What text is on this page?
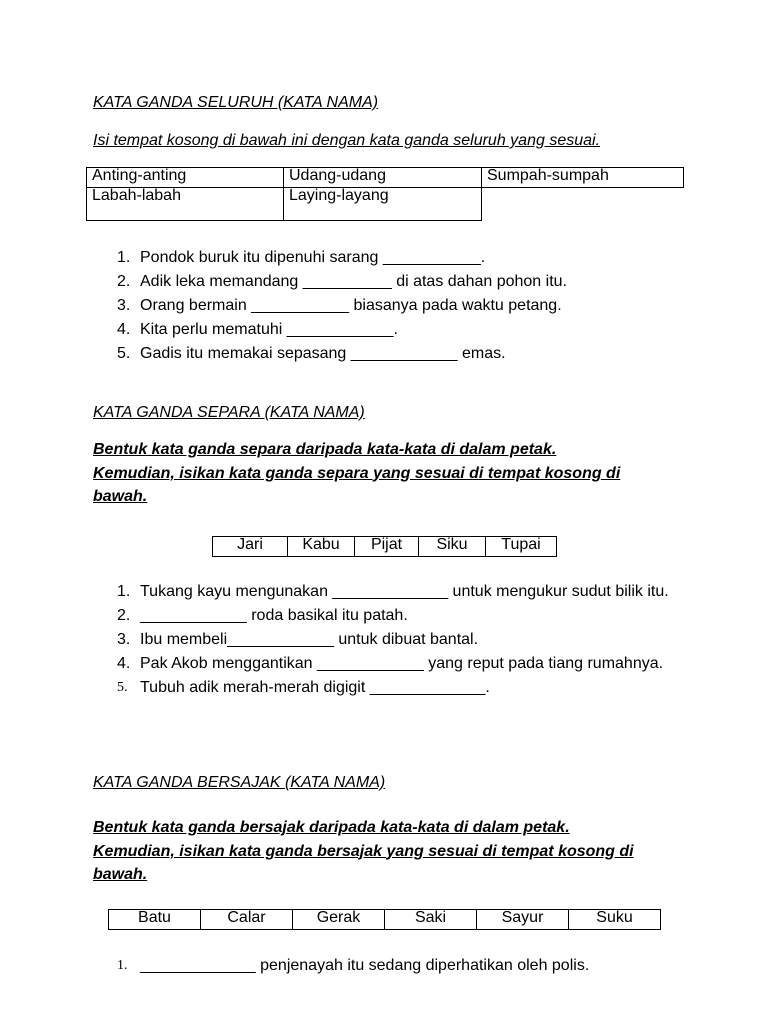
KATA GANDA SELURUH (KATA NAMA)
Isi tempat kosong di bawah ini dengan kata ganda seluruh yang sesuai.
Anting-anting	Udang-udang	Sumpah-sumpah
Labah-labah	Laying-layang	
1. Pondok buruk itu dipenuhi sarang ___________.
2. Adik leka memandang __________ di atas dahan pohon itu.
3. Orang bermain ___________ biasanya pada waktu petang.
4. Kita perlu mematuhi ____________.
5. Gadis itu memakai sepasang ____________ emas.
KATA GANDA SEPARA (KATA NAMA)
Bentuk kata ganda separa daripada kata-kata di dalam petak.
Kemudian, isikan kata ganda separa yang sesuai di tempat kosong di
bawah.
Jari	Kabu	Pijat	Siku	Tupai
1. Tukang kayu mengunakan _____________ untuk mengukur sudut bilik itu.
2. ____________ roda basikal itu patah.
3. Ibu membeli____________ untuk dibuat bantal.
4. Pak Akob menggantikan ____________ yang reput pada tiang rumahnya.
5. Tubuh adik merah-merah digigit _____________.
KATA GANDA BERSAJAK (KATA NAMA)
Bentuk kata ganda bersajak daripada kata-kata di dalam petak.
Kemudian, isikan kata ganda bersajak yang sesuai di tempat kosong di
bawah.
Batu	Calar	Gerak	Saki	Sayur	Suku
1. _____________ penjenayah itu sedang diperhatikan oleh polis.
